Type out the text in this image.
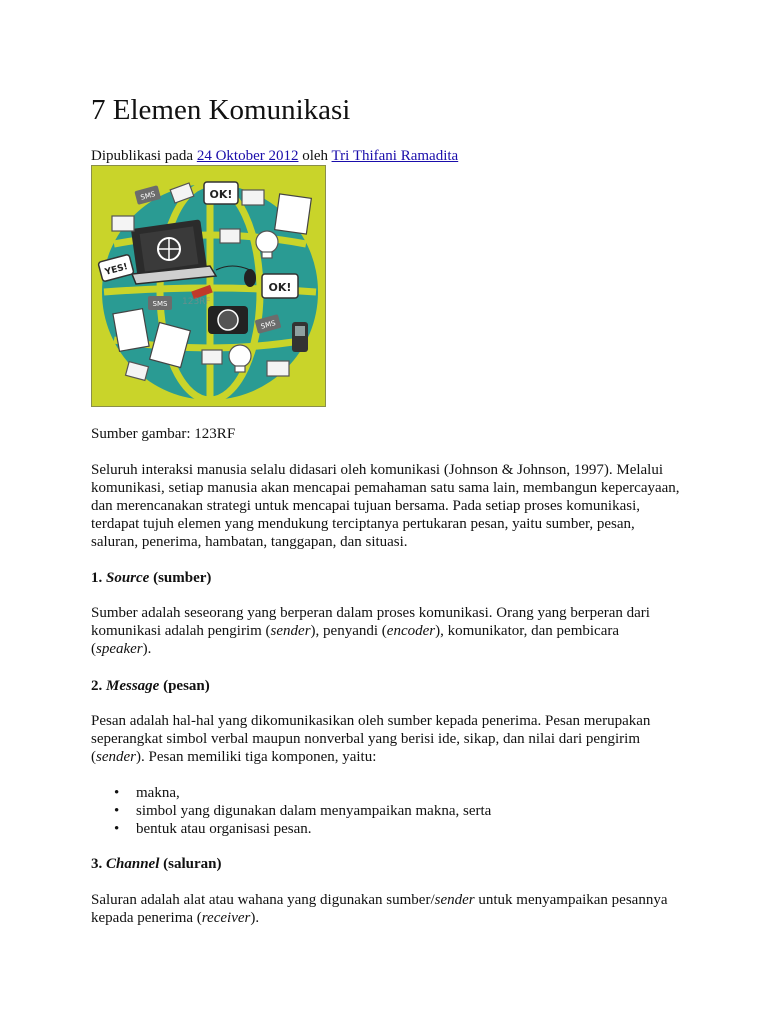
7 Elemen Komunikasi
Dipublikasi pada 24 Oktober 2012 oleh Tri Thifani Ramadita
OK!
OK!
YES!
SMS
SMS
SMS
123RF

Sumber gambar: 123RF

Seluruh interaksi manusia selalu didasari oleh komunikasi (Johnson & Johnson, 1997). Melalui komunikasi, setiap manusia akan mencapai pemahaman satu sama lain, membangun kepercayaan, dan merencanakan strategi untuk mencapai tujuan bersama. Pada setiap proses komunikasi, terdapat tujuh elemen yang mendukung terciptanya pertukaran pesan, yaitu sumber, pesan, saluran, penerima, hambatan, tanggapan, dan situasi.

1. Source (sumber)

Sumber adalah seseorang yang berperan dalam proses komunikasi. Orang yang berperan dari komunikasi adalah pengirim (sender), penyandi (encoder), komunikator, dan pembicara (speaker).

2. Message (pesan)

Pesan adalah hal-hal yang dikomunikasikan oleh sumber kepada penerima. Pesan merupakan seperangkat simbol verbal maupun nonverbal yang berisi ide, sikap, dan nilai dari pengirim (sender). Pesan memiliki tiga komponen, yaitu:

• makna,
• simbol yang digunakan dalam menyampaikan makna, serta
• bentuk atau organisasi pesan.
3. Channel (saluran)

Saluran adalah alat atau wahana yang digunakan sumber/sender untuk menyampaikan pesannya kepada penerima (receiver).
